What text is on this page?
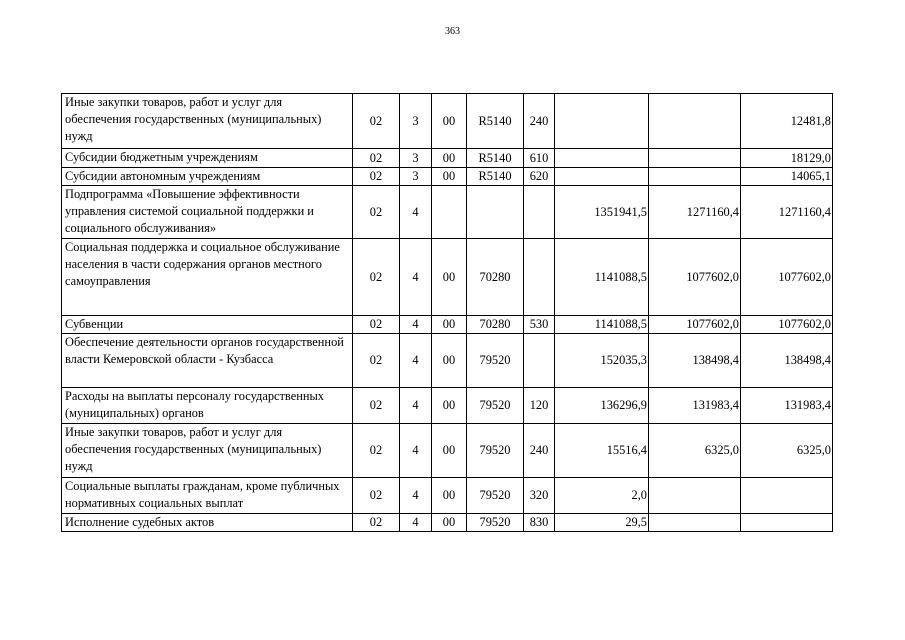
363
Иные закупки товаров, работ и услуг для обеспечения государственных (муниципальных) нужд	02	3	00	R5140	240			12481,8
Субсидии бюджетным учреждениям	02	3	00	R5140	610			18129,0
Субсидии автономным учреждениям	02	3	00	R5140	620			14065,1
Подпрограмма «Повышение эффективности управления системой социальной поддержки и социального обслуживания»	02	4				1351941,5	1271160,4	1271160,4
Социальная поддержка и социальное обслуживание населения в части содержания органов местного самоуправления	02	4	00	70280		1141088,5	1077602,0	1077602,0
Субвенции	02	4	00	70280	530	1141088,5	1077602,0	1077602,0
Обеспечение деятельности органов государственной власти Кемеровской области - Кузбасса	02	4	00	79520		152035,3	138498,4	138498,4
Расходы на выплаты персоналу государственных (муниципальных) органов	02	4	00	79520	120	136296,9	131983,4	131983,4
Иные закупки товаров, работ и услуг для обеспечения государственных (муниципальных) нужд	02	4	00	79520	240	15516,4	6325,0	6325,0
Социальные выплаты гражданам, кроме публичных нормативных социальных выплат	02	4	00	79520	320	2,0		
Исполнение судебных актов	02	4	00	79520	830	29,5		
